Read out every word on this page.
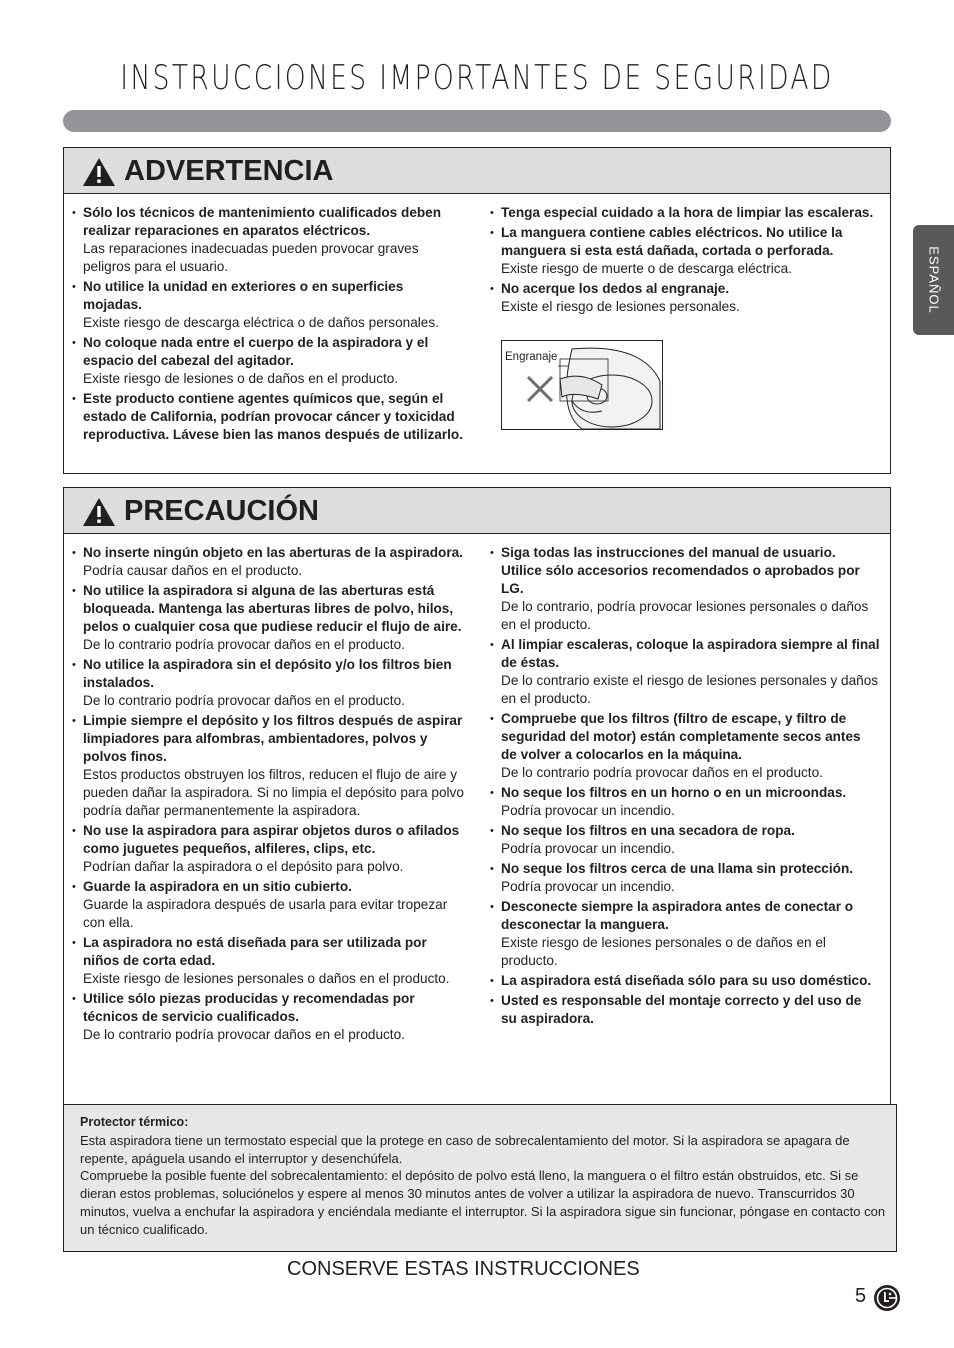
INSTRUCCIONES IMPORTANTES DE SEGURIDAD
ESPAÑOL
ADVERTENCIA
• Sólo los técnicos de mantenimiento cualificados deben realizar reparaciones en aparatos eléctricos.
Las reparaciones inadecuadas pueden provocar graves peligros para el usuario.
• No utilice la unidad en exteriores o en superficies mojadas.
Existe riesgo de descarga eléctrica o de daños personales.
• No coloque nada entre el cuerpo de la aspiradora y el espacio del cabezal del agitador.
Existe riesgo de lesiones o de daños en el producto.
• Este producto contiene agentes químicos que, según el estado de California, podrían provocar cáncer y toxicidad reproductiva. Lávese bien las manos después de utilizarlo.
• Tenga especial cuidado a la hora de limpiar las escaleras.
• La manguera contiene cables eléctricos. No utilice la manguera si esta está dañada, cortada o perforada.
Existe riesgo de muerte o de descarga eléctrica.
• No acerque los dedos al engranaje.
Existe el riesgo de lesiones personales.
Engranaje
PRECAUCIÓN
• No inserte ningún objeto en las aberturas de la aspiradora.
Podría causar daños en el producto.
• No utilice la aspiradora si alguna de las aberturas está bloqueada. Mantenga las aberturas libres de polvo, hilos, pelos o cualquier cosa que pudiese reducir el flujo de aire.
De lo contrario podría provocar daños en el producto.
• No utilice la aspiradora sin el depósito y/o los filtros bien instalados.
De lo contrario podría provocar daños en el producto.
• Limpie siempre el depósito y los filtros después de aspirar limpiadores para alfombras, ambientadores, polvos y polvos finos.
Estos productos obstruyen los filtros, reducen el flujo de aire y pueden dañar la aspiradora. Si no limpia el depósito para polvo podría dañar permanentemente la aspiradora.
• No use la aspiradora para aspirar objetos duros o afilados como juguetes pequeños, alfileres, clips, etc.
Podrían dañar la aspiradora o el depósito para polvo.
• Guarde la aspiradora en un sitio cubierto.
Guarde la aspiradora después de usarla para evitar tropezar con ella.
• La aspiradora no está diseñada para ser utilizada por niños de corta edad.
Existe riesgo de lesiones personales o daños en el producto.
• Utilice sólo piezas producidas y recomendadas por técnicos de servicio cualificados.
De lo contrario podría provocar daños en el producto.
• Siga todas las instrucciones del manual de usuario. Utilice sólo accesorios recomendados o aprobados por LG.
De lo contrario, podría provocar lesiones personales o daños en el producto.
• Al limpiar escaleras, coloque la aspiradora siempre al final de éstas.
De lo contrario existe el riesgo de lesiones personales y daños en el producto.
• Compruebe que los filtros (filtro de escape, y filtro de seguridad del motor) están completamente secos antes de volver a colocarlos en la máquina.
De lo contrario podría provocar daños en el producto.
• No seque los filtros en un horno o en un microondas.
Podría provocar un incendio.
• No seque los filtros en una secadora de ropa.
Podría provocar un incendio.
• No seque los filtros cerca de una llama sin protección.
Podría provocar un incendio.
• Desconecte siempre la aspiradora antes de conectar o desconectar la manguera.
Existe riesgo de lesiones personales o de daños en el producto.
• La aspiradora está diseñada sólo para su uso doméstico.
• Usted es responsable del montaje correcto y del uso de su aspiradora.
Protector térmico:
Esta aspiradora tiene un termostato especial que la protege en caso de sobrecalentamiento del motor. Si la aspiradora se apagara de repente, apáguela usando el interruptor y desenchúfela.
Compruebe la posible fuente del sobrecalentamiento: el depósito de polvo está lleno, la manguera o el filtro están obstruidos, etc. Si se dieran estos problemas, soluciónelos y espere al menos 30 minutos antes de volver a utilizar la aspiradora de nuevo. Transcurridos 30 minutos, vuelva a enchufar la aspiradora y enciéndala mediante el interruptor. Si la aspiradora sigue sin funcionar, póngase en contacto con un técnico cualificado.
CONSERVE ESTAS INSTRUCCIONES
5
